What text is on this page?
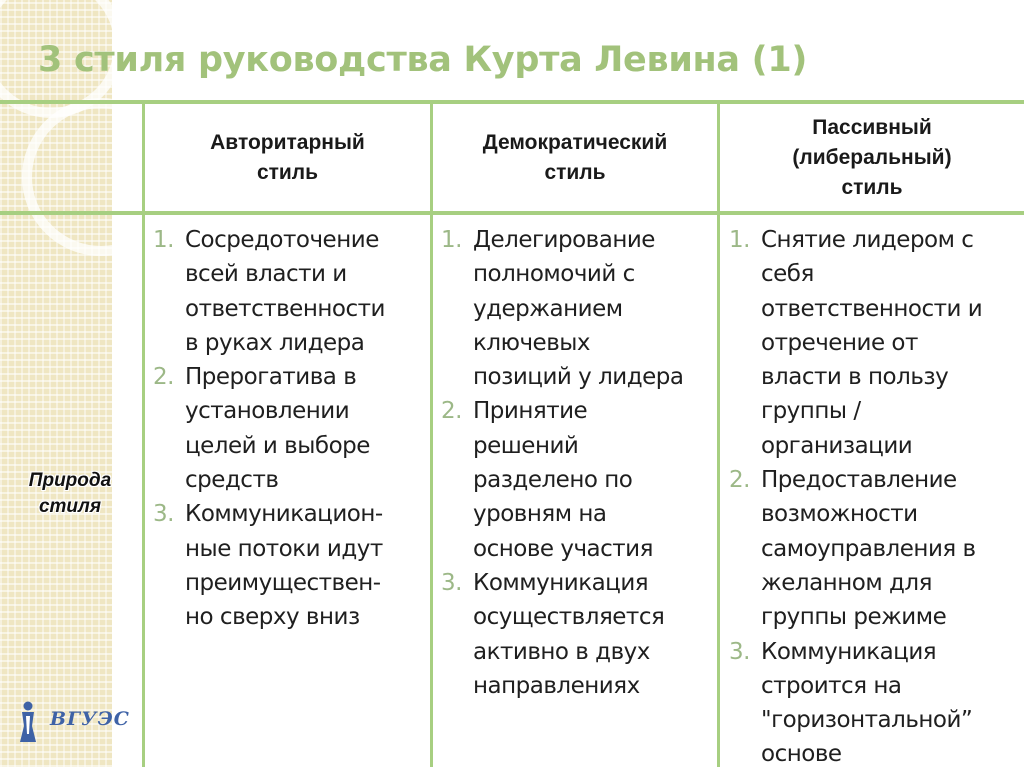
3 стиля руководства Курта Левина (1)
Авторитарный
стиль
Демократический
стиль
Пассивный
(либеральный)
стиль
Природа
стиля
1. Сосредоточение
всей власти и
ответственности
в руках лидера
2. Прерогатива в
установлении
целей и выборе
средств
3. Коммуникацион-
ные потоки идут
преимуществен-
но сверху вниз
1. Делегирование
полномочий с
удержанием
ключевых
позиций у лидера
2. Принятие
решений
разделено по
уровням на
основе участия
3. Коммуникация
осуществляется
активно в двух
направлениях
1. Снятие лидером с
себя
ответственности и
отречение от
власти в пользу
группы /
организации
2. Предоставление
возможности
самоуправления в
желанном для
группы режиме
3. Коммуникация
строится на
"горизонтальной”
основе
ВГУЭС
